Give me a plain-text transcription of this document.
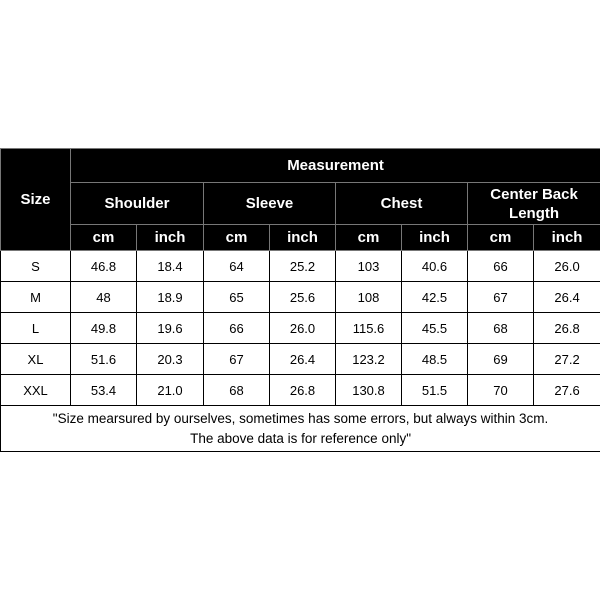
Size	Measurement							
	Shoulder		Sleeve		Chest		Center Back Length	
	cm	inch	cm	inch	cm	inch	cm	inch
S	46.8	18.4	64	25.2	103	40.6	66	26.0
M	48	18.9	65	25.6	108	42.5	67	26.4
L	49.8	19.6	66	26.0	115.6	45.5	68	26.8
XL	51.6	20.3	67	26.4	123.2	48.5	69	27.2
XXL	53.4	21.0	68	26.8	130.8	51.5	70	27.6

"Size mearsured by ourselves, sometimes has some errors, but always within 3cm.
The above data is for reference only"								
